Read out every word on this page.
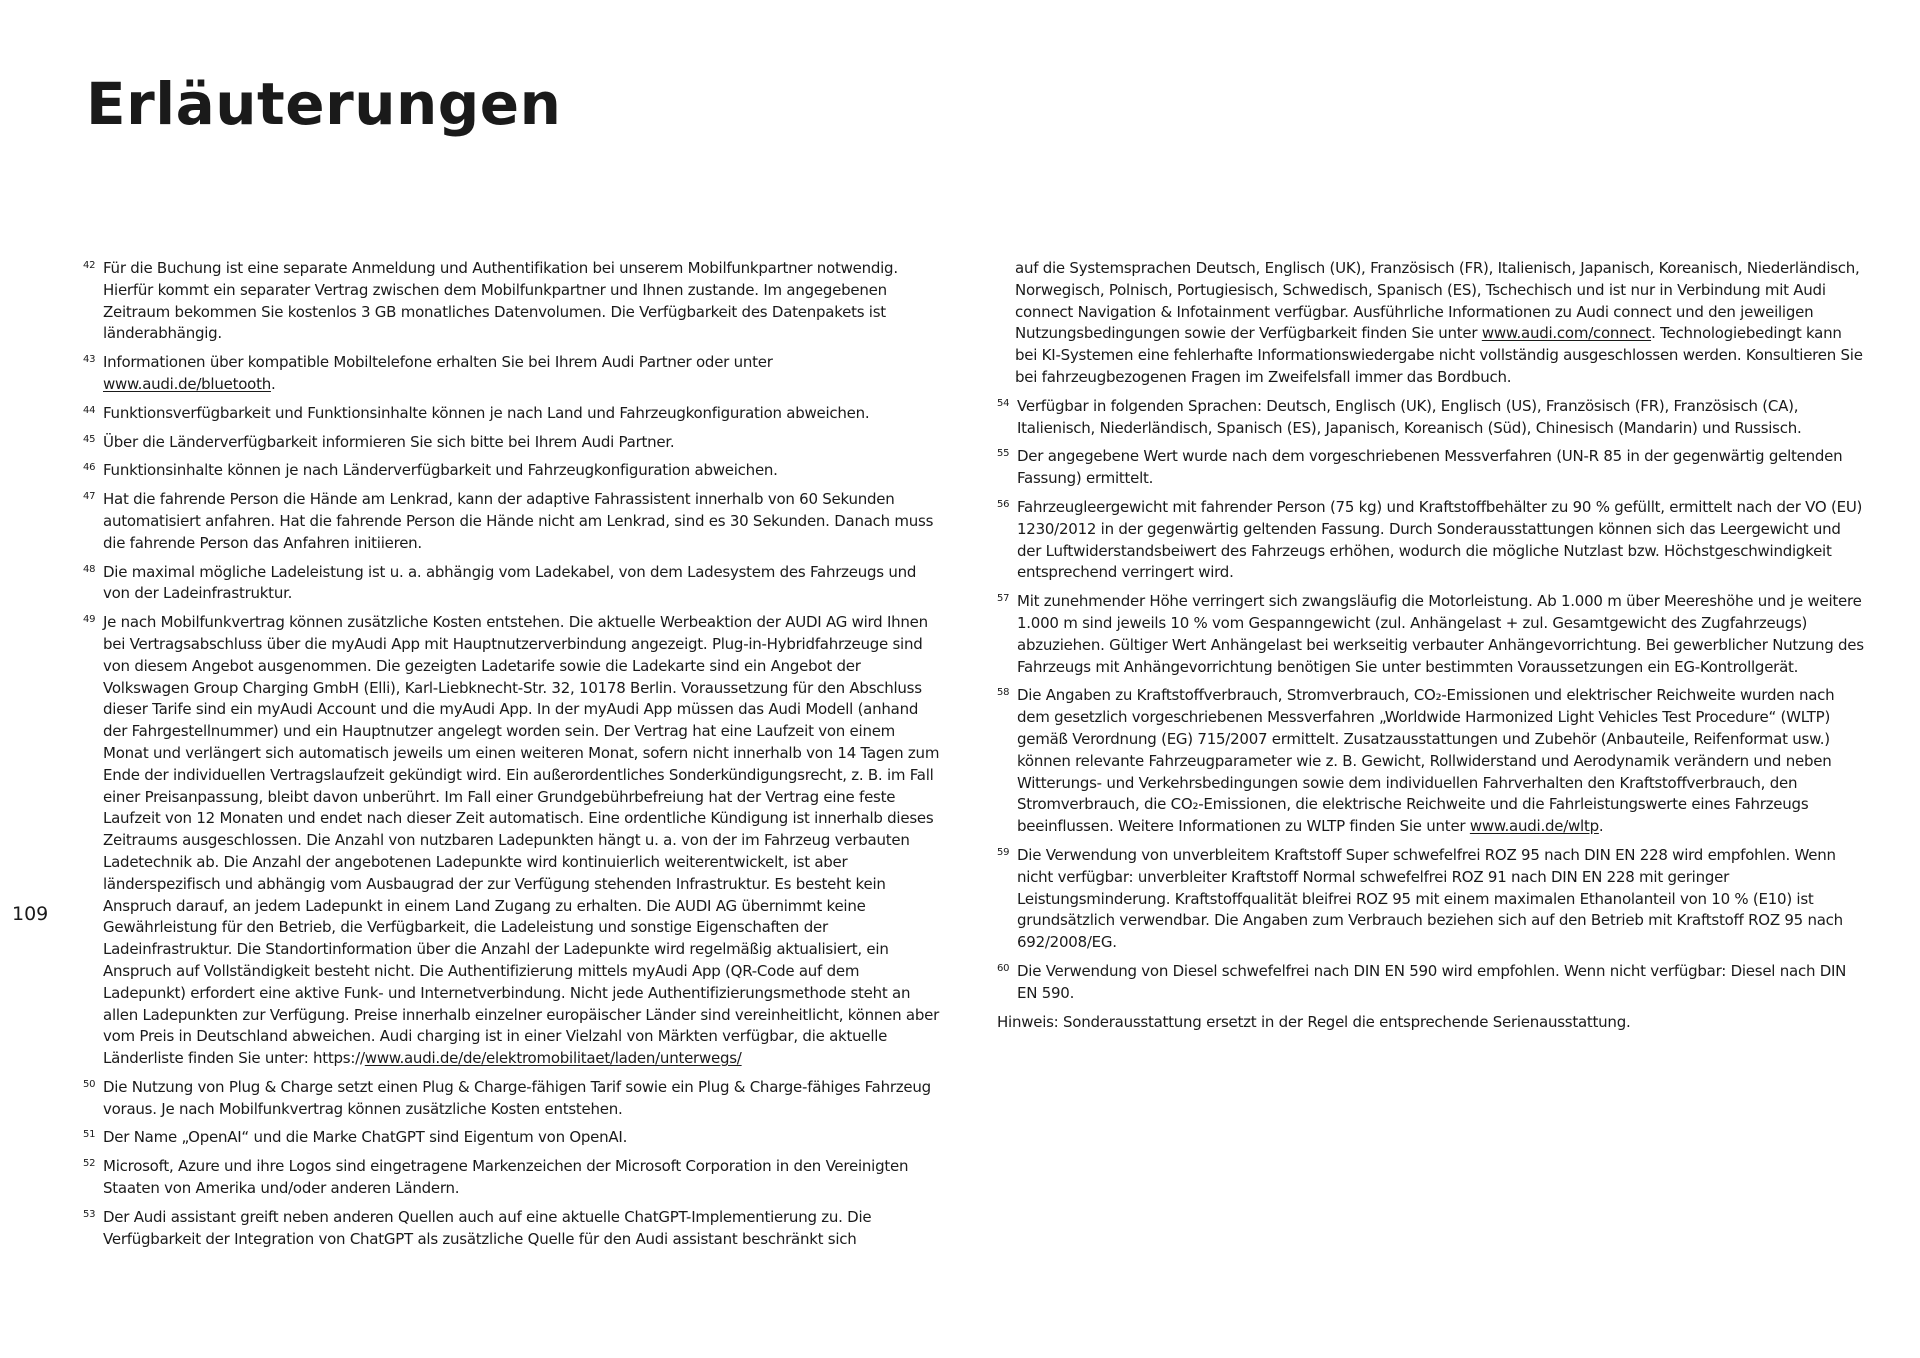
Erläuterungen
109

42 Für die Buchung ist eine separate Anmeldung und Authentifikation bei unserem Mobilfunkpartner notwendig. Hierfür kommt ein separater Vertrag zwischen dem Mobilfunkpartner und Ihnen zustande. Im angegebenen Zeitraum bekommen Sie kostenlos 3 GB monatliches Datenvolumen. Die Verfügbarkeit des Datenpakets ist länderabhängig.

43 Informationen über kompatible Mobiltelefone erhalten Sie bei Ihrem Audi Partner oder unter www.audi.de/bluetooth.

44 Funktionsverfügbarkeit und Funktionsinhalte können je nach Land und Fahrzeugkonfiguration abweichen.

45 Über die Länderverfügbarkeit informieren Sie sich bitte bei Ihrem Audi Partner.

46 Funktionsinhalte können je nach Länderverfügbarkeit und Fahrzeugkonfiguration abweichen.

47 Hat die fahrende Person die Hände am Lenkrad, kann der adaptive Fahrassistent innerhalb von 60 Sekunden automatisiert anfahren. Hat die fahrende Person die Hände nicht am Lenkrad, sind es 30 Sekunden. Danach muss die fahrende Person das Anfahren initiieren.

48 Die maximal mögliche Ladeleistung ist u. a. abhängig vom Ladekabel, von dem Ladesystem des Fahrzeugs und von der Ladeinfrastruktur.

49 Je nach Mobilfunkvertrag können zusätzliche Kosten entstehen. Die aktuelle Werbeaktion der AUDI AG wird Ihnen bei Vertragsabschluss über die myAudi App mit Hauptnutzerverbindung angezeigt. Plug-in-Hybridfahrzeuge sind von diesem Angebot ausgenommen. Die gezeigten Ladetarife sowie die Ladekarte sind ein Angebot der Volkswagen Group Charging GmbH (Elli), Karl-Liebknecht-Str. 32, 10178 Berlin. Voraussetzung für den Abschluss dieser Tarife sind ein myAudi Account und die myAudi App. In der myAudi App müssen das Audi Modell (anhand der Fahrgestellnummer) und ein Hauptnutzer angelegt worden sein. Der Vertrag hat eine Laufzeit von einem Monat und verlängert sich automatisch jeweils um einen weiteren Monat, sofern nicht innerhalb von 14 Tagen zum Ende der individuellen Vertragslaufzeit gekündigt wird. Ein außerordentliches Sonderkündigungsrecht, z. B. im Fall einer Preisanpassung, bleibt davon unberührt. Im Fall einer Grundgebührbefreiung hat der Vertrag eine feste Laufzeit von 12 Monaten und endet nach dieser Zeit automatisch. Eine ordentliche Kündigung ist innerhalb dieses Zeitraums ausgeschlossen. Die Anzahl von nutzbaren Ladepunkten hängt u. a. von der im Fahrzeug verbauten Ladetechnik ab. Die Anzahl der angebotenen Ladepunkte wird kontinuierlich weiterentwickelt, ist aber länderspezifisch und abhängig vom Ausbaugrad der zur Verfügung stehenden Infrastruktur. Es besteht kein Anspruch darauf, an jedem Ladepunkt in einem Land Zugang zu erhalten. Die AUDI AG übernimmt keine Gewährleistung für den Betrieb, die Verfügbarkeit, die Ladeleistung und sonstige Eigenschaften der Ladeinfrastruktur. Die Standortinformation über die Anzahl der Ladepunkte wird regelmäßig aktualisiert, ein Anspruch auf Vollständigkeit besteht nicht. Die Authentifizierung mittels myAudi App (QR-Code auf dem Ladepunkt) erfordert eine aktive Funk- und Internetverbindung. Nicht jede Authentifizierungsmethode steht an allen Ladepunkten zur Verfügung. Preise innerhalb einzelner europäischer Länder sind vereinheitlicht, können aber vom Preis in Deutschland abweichen. Audi charging ist in einer Vielzahl von Märkten verfügbar, die aktuelle Länderliste finden Sie unter: https://www.audi.de/de/elektromobilitaet/laden/unterwegs/

50 Die Nutzung von Plug & Charge setzt einen Plug & Charge-fähigen Tarif sowie ein Plug & Charge-fähiges Fahrzeug voraus. Je nach Mobilfunkvertrag können zusätzliche Kosten entstehen.

51 Der Name „OpenAI“ und die Marke ChatGPT sind Eigentum von OpenAI.

52 Microsoft, Azure und ihre Logos sind eingetragene Markenzeichen der Microsoft Corporation in den Vereinigten Staaten von Amerika und/oder anderen Ländern.

53 Der Audi assistant greift neben anderen Quellen auch auf eine aktuelle ChatGPT-Implementierung zu. Die Verfügbarkeit der Integration von ChatGPT als zusätzliche Quelle für den Audi assistant beschränkt sich

auf die Systemsprachen Deutsch, Englisch (UK), Französisch (FR), Italienisch, Japanisch, Koreanisch, Niederländisch, Norwegisch, Polnisch, Portugiesisch, Schwedisch, Spanisch (ES), Tschechisch und ist nur in Verbindung mit Audi connect Navigation & Infotainment verfügbar. Ausführliche Informationen zu Audi connect und den jeweiligen Nutzungsbedingungen sowie der Verfügbarkeit finden Sie unter www.audi.com/connect. Technologiebedingt kann bei KI-Systemen eine fehlerhafte Informationswiedergabe nicht vollständig ausgeschlossen werden. Konsultieren Sie bei fahrzeugbezogenen Fragen im Zweifelsfall immer das Bordbuch.

54 Verfügbar in folgenden Sprachen: Deutsch, Englisch (UK), Englisch (US), Französisch (FR), Französisch (CA), Italienisch, Niederländisch, Spanisch (ES), Japanisch, Koreanisch (Süd), Chinesisch (Mandarin) und Russisch.

55 Der angegebene Wert wurde nach dem vorgeschriebenen Messverfahren (UN-R 85 in der gegenwärtig geltenden Fassung) ermittelt.

56 Fahrzeugleergewicht mit fahrender Person (75 kg) und Kraftstoffbehälter zu 90 % gefüllt, ermittelt nach der VO (EU) 1230/2012 in der gegenwärtig geltenden Fassung. Durch Sonderausstattungen können sich das Leergewicht und der Luftwiderstandsbeiwert des Fahrzeugs erhöhen, wodurch die mögliche Nutzlast bzw. Höchstgeschwindigkeit entsprechend verringert wird.

57 Mit zunehmender Höhe verringert sich zwangsläufig die Motorleistung. Ab 1.000 m über Meereshöhe und je weitere 1.000 m sind jeweils 10 % vom Gespanngewicht (zul. Anhängelast + zul. Gesamtgewicht des Zugfahrzeugs) abzuziehen. Gültiger Wert Anhängelast bei werkseitig verbauter Anhängevorrichtung. Bei gewerblicher Nutzung des Fahrzeugs mit Anhängevorrichtung benötigen Sie unter bestimmten Voraussetzungen ein EG-Kontrollgerät.

58 Die Angaben zu Kraftstoffverbrauch, Stromverbrauch, CO₂-Emissionen und elektrischer Reichweite wurden nach dem gesetzlich vorgeschriebenen Messverfahren „Worldwide Harmonized Light Vehicles Test Procedure“ (WLTP) gemäß Verordnung (EG) 715/2007 ermittelt. Zusatzausstattungen und Zubehör (Anbauteile, Reifenformat usw.) können relevante Fahrzeugparameter wie z. B. Gewicht, Rollwiderstand und Aerodynamik verändern und neben Witterungs- und Verkehrsbedingungen sowie dem individuellen Fahrverhalten den Kraftstoffverbrauch, den Stromverbrauch, die CO₂-Emissionen, die elektrische Reichweite und die Fahrleistungswerte eines Fahrzeugs beeinflussen. Weitere Informationen zu WLTP finden Sie unter www.audi.de/wltp.

59 Die Verwendung von unverbleitem Kraftstoff Super schwefelfrei ROZ 95 nach DIN EN 228 wird empfohlen. Wenn nicht verfügbar: unverbleiter Kraftstoff Normal schwefelfrei ROZ 91 nach DIN EN 228 mit geringer Leistungsminderung. Kraftstoffqualität bleifrei ROZ 95 mit einem maximalen Ethanolanteil von 10 % (E10) ist grundsätzlich verwendbar. Die Angaben zum Verbrauch beziehen sich auf den Betrieb mit Kraftstoff ROZ 95 nach 692/2008/EG.

60 Die Verwendung von Diesel schwefelfrei nach DIN EN 590 wird empfohlen. Wenn nicht verfügbar: Diesel nach DIN EN 590.

Hinweis: Sonderausstattung ersetzt in der Regel die entsprechende Serienausstattung.
